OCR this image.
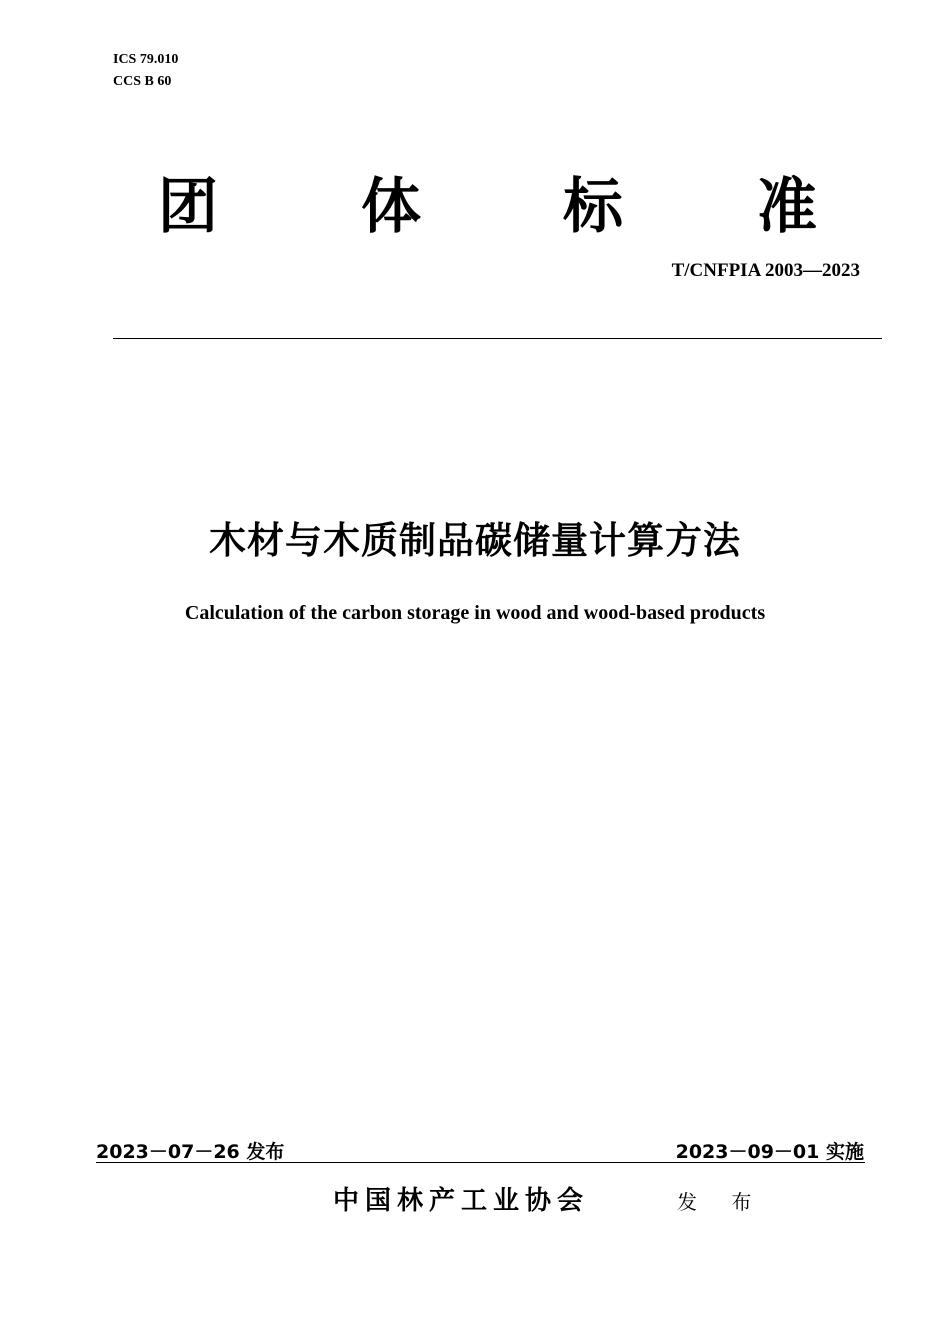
ICS 79.010
CCS B 60
团 体 标 准
T/CNFPIA 2003—2023
木材与木质制品碳储量计算方法
Calculation of the carbon storage in wood and wood-based products
2023－07－26 发布	2023－09－01 实施
中国林产工业协会	发 布
